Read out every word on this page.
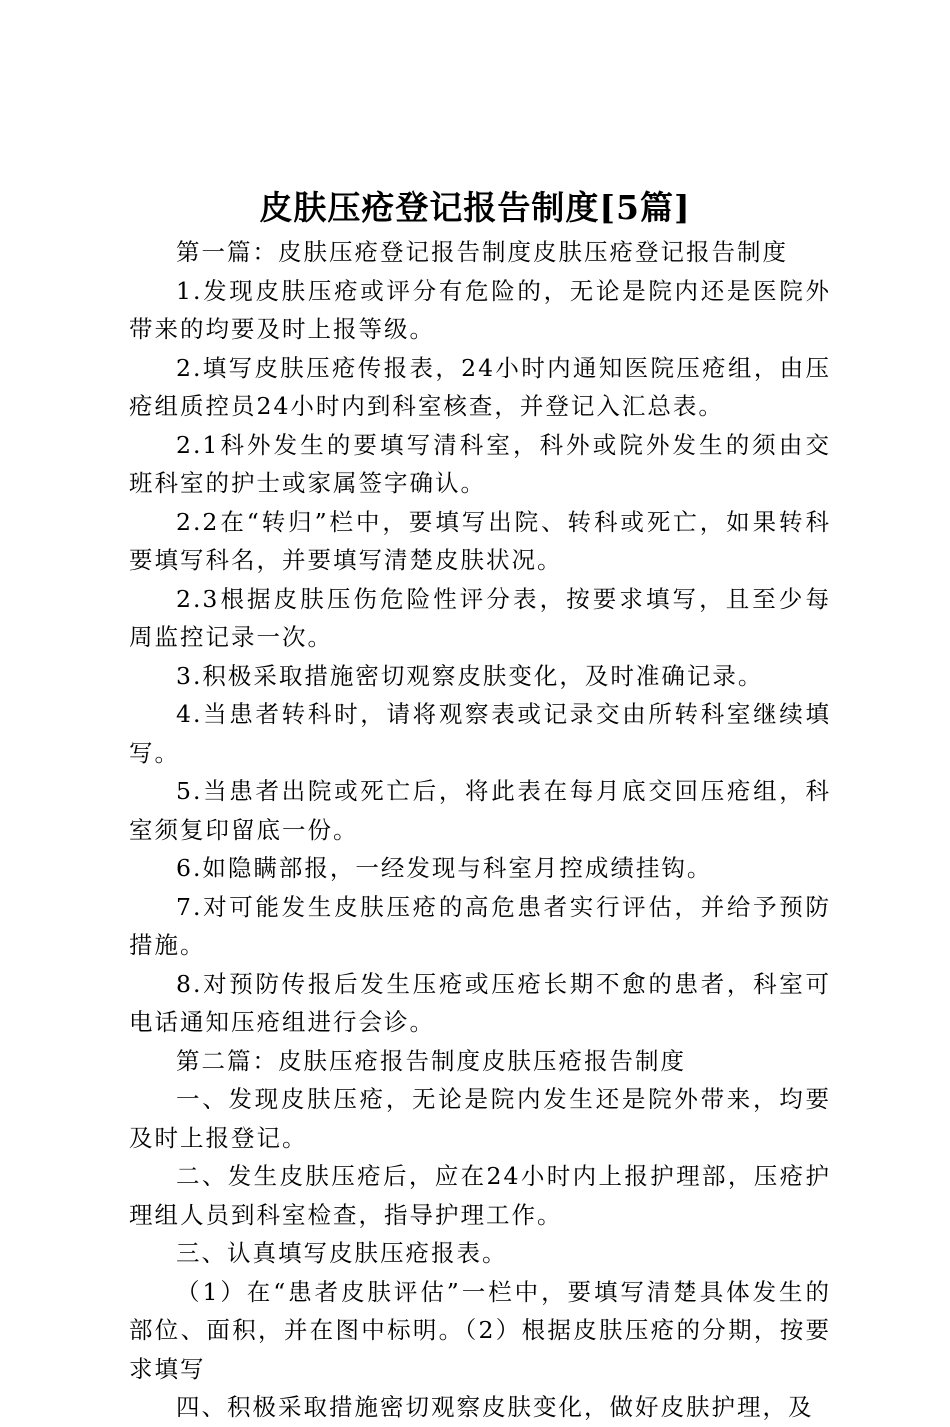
皮肤压疮登记报告制度[5篇]

第一篇：皮肤压疮登记报告制度皮肤压疮登记报告制度

1.发现皮肤压疮或评分有危险的，无论是院内还是医院外带来的均要及时上报等级。

2.填写皮肤压疮传报表，24小时内通知医院压疮组，由压疮组质控员24小时内到科室核查，并登记入汇总表。

2.1科外发生的要填写清科室，科外或院外发生的须由交班科室的护士或家属签字确认。

2.2在“转归”栏中，要填写出院、转科或死亡，如果转科要填写科名，并要填写清楚皮肤状况。

2.3根据皮肤压伤危险性评分表，按要求填写，且至少每周监控记录一次。

3.积极采取措施密切观察皮肤变化，及时准确记录。

4.当患者转科时，请将观察表或记录交由所转科室继续填写。

5.当患者出院或死亡后，将此表在每月底交回压疮组，科室须复印留底一份。

6.如隐瞒部报，一经发现与科室月控成绩挂钩。

7.对可能发生皮肤压疮的高危患者实行评估，并给予预防措施。

8.对预防传报后发生压疮或压疮长期不愈的患者，科室可电话通知压疮组进行会诊。

第二篇：皮肤压疮报告制度皮肤压疮报告制度

一、发现皮肤压疮，无论是院内发生还是院外带来，均要及时上报登记。

二、发生皮肤压疮后，应在24小时内上报护理部，压疮护理组人员到科室检查，指导护理工作。

三、认真填写皮肤压疮报表。

（1）在“患者皮肤评估”一栏中，要填写清楚具体发生的部位、面积，并在图中标明。（2）根据皮肤压疮的分期，按要求填写

四、积极采取措施密切观察皮肤变化，做好皮肤护理，及
